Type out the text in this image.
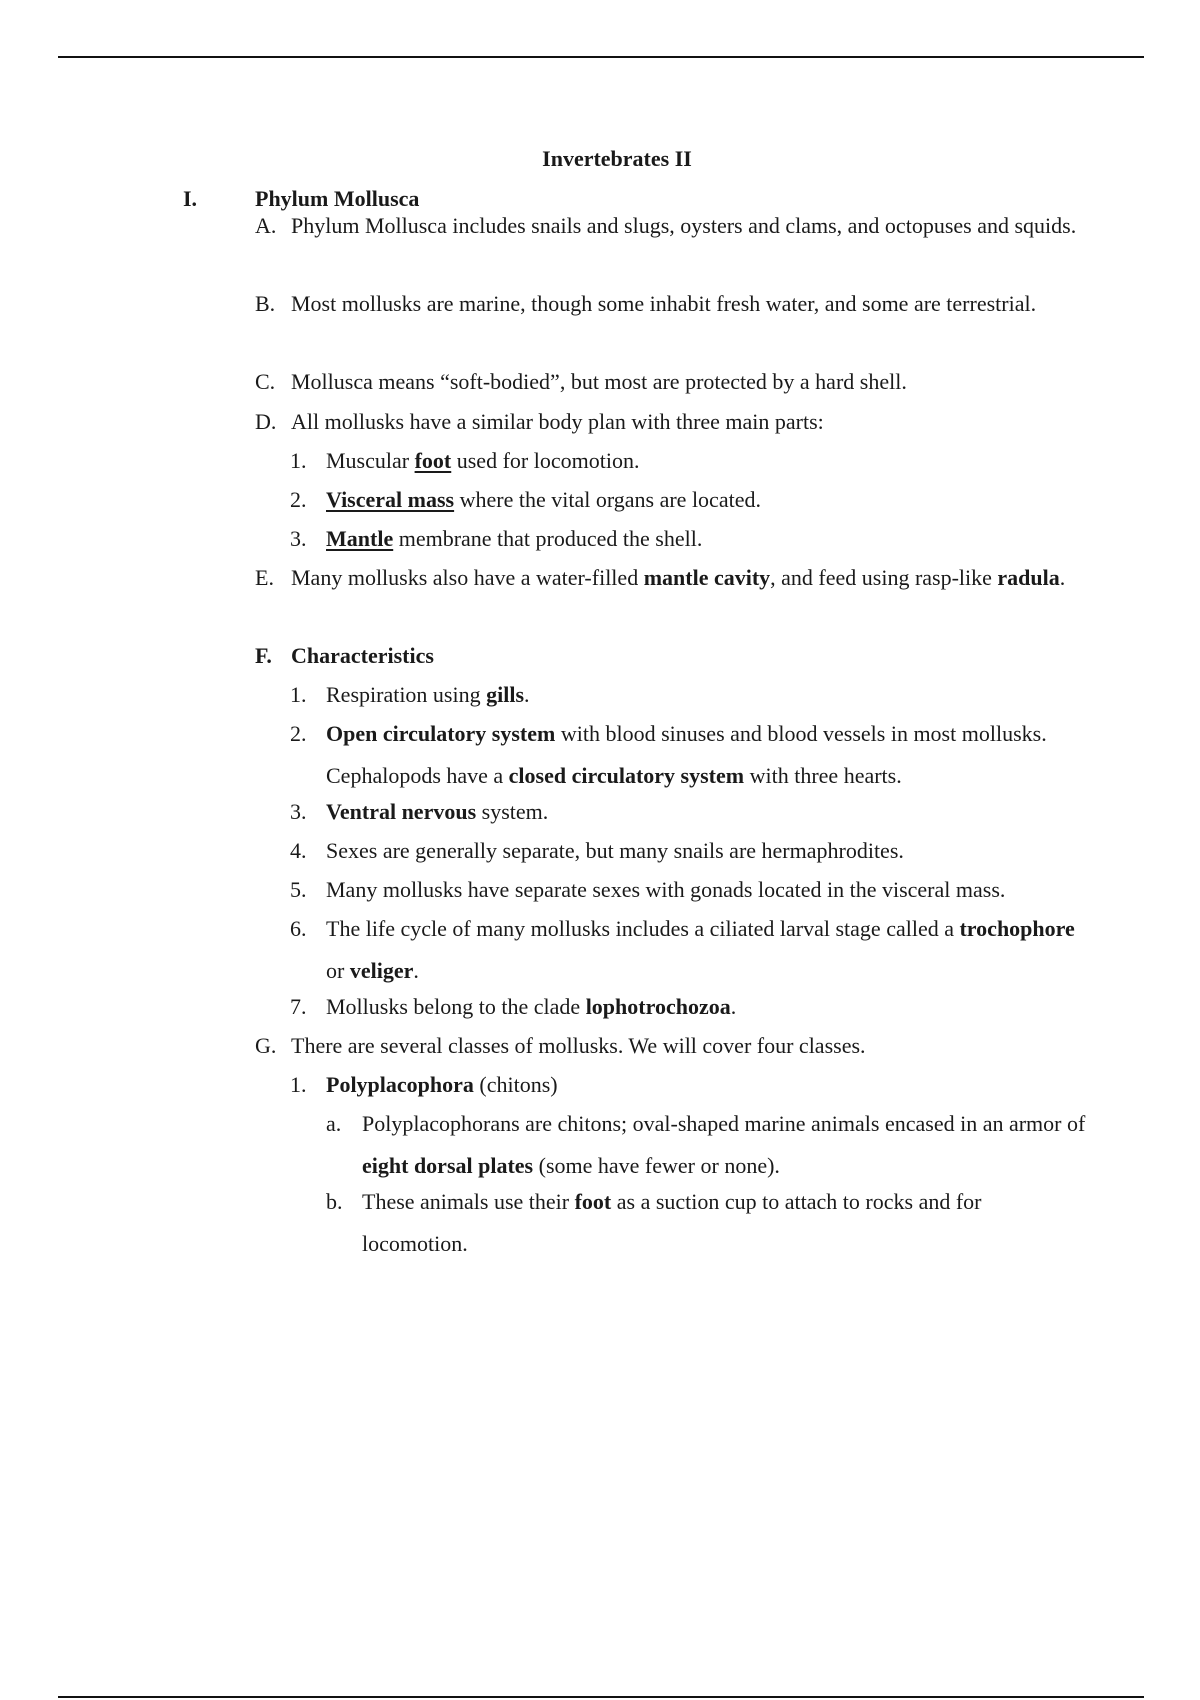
Invertebrates II
I.	Phylum Mollusca
A. Phylum Mollusca includes snails and slugs, oysters and clams, and octopuses and squids.
B. Most mollusks are marine, though some inhabit fresh water, and some are terrestrial.
C. Mollusca means “soft-bodied”, but most are protected by a hard shell.
D. All mollusks have a similar body plan with three main parts:
1. Muscular foot used for locomotion.
2. Visceral mass where the vital organs are located.
3. Mantle membrane that produced the shell.
E. Many mollusks also have a water-filled mantle cavity, and feed using rasp-like radula.
F. Characteristics
1. Respiration using gills.
2. Open circulatory system with blood sinuses and blood vessels in most mollusks. Cephalopods have a closed circulatory system with three hearts.
3. Ventral nervous system.
4. Sexes are generally separate, but many snails are hermaphrodites.
5. Many mollusks have separate sexes with gonads located in the visceral mass.
6. The life cycle of many mollusks includes a ciliated larval stage called a trochophore or veliger.
7. Mollusks belong to the clade lophotrochozoa.
G. There are several classes of mollusks. We will cover four classes.
1. Polyplacophora (chitons)
a. Polyplacophorans are chitons; oval-shaped marine animals encased in an armor of eight dorsal plates (some have fewer or none).
b. These animals use their foot as a suction cup to attach to rocks and for locomotion.
